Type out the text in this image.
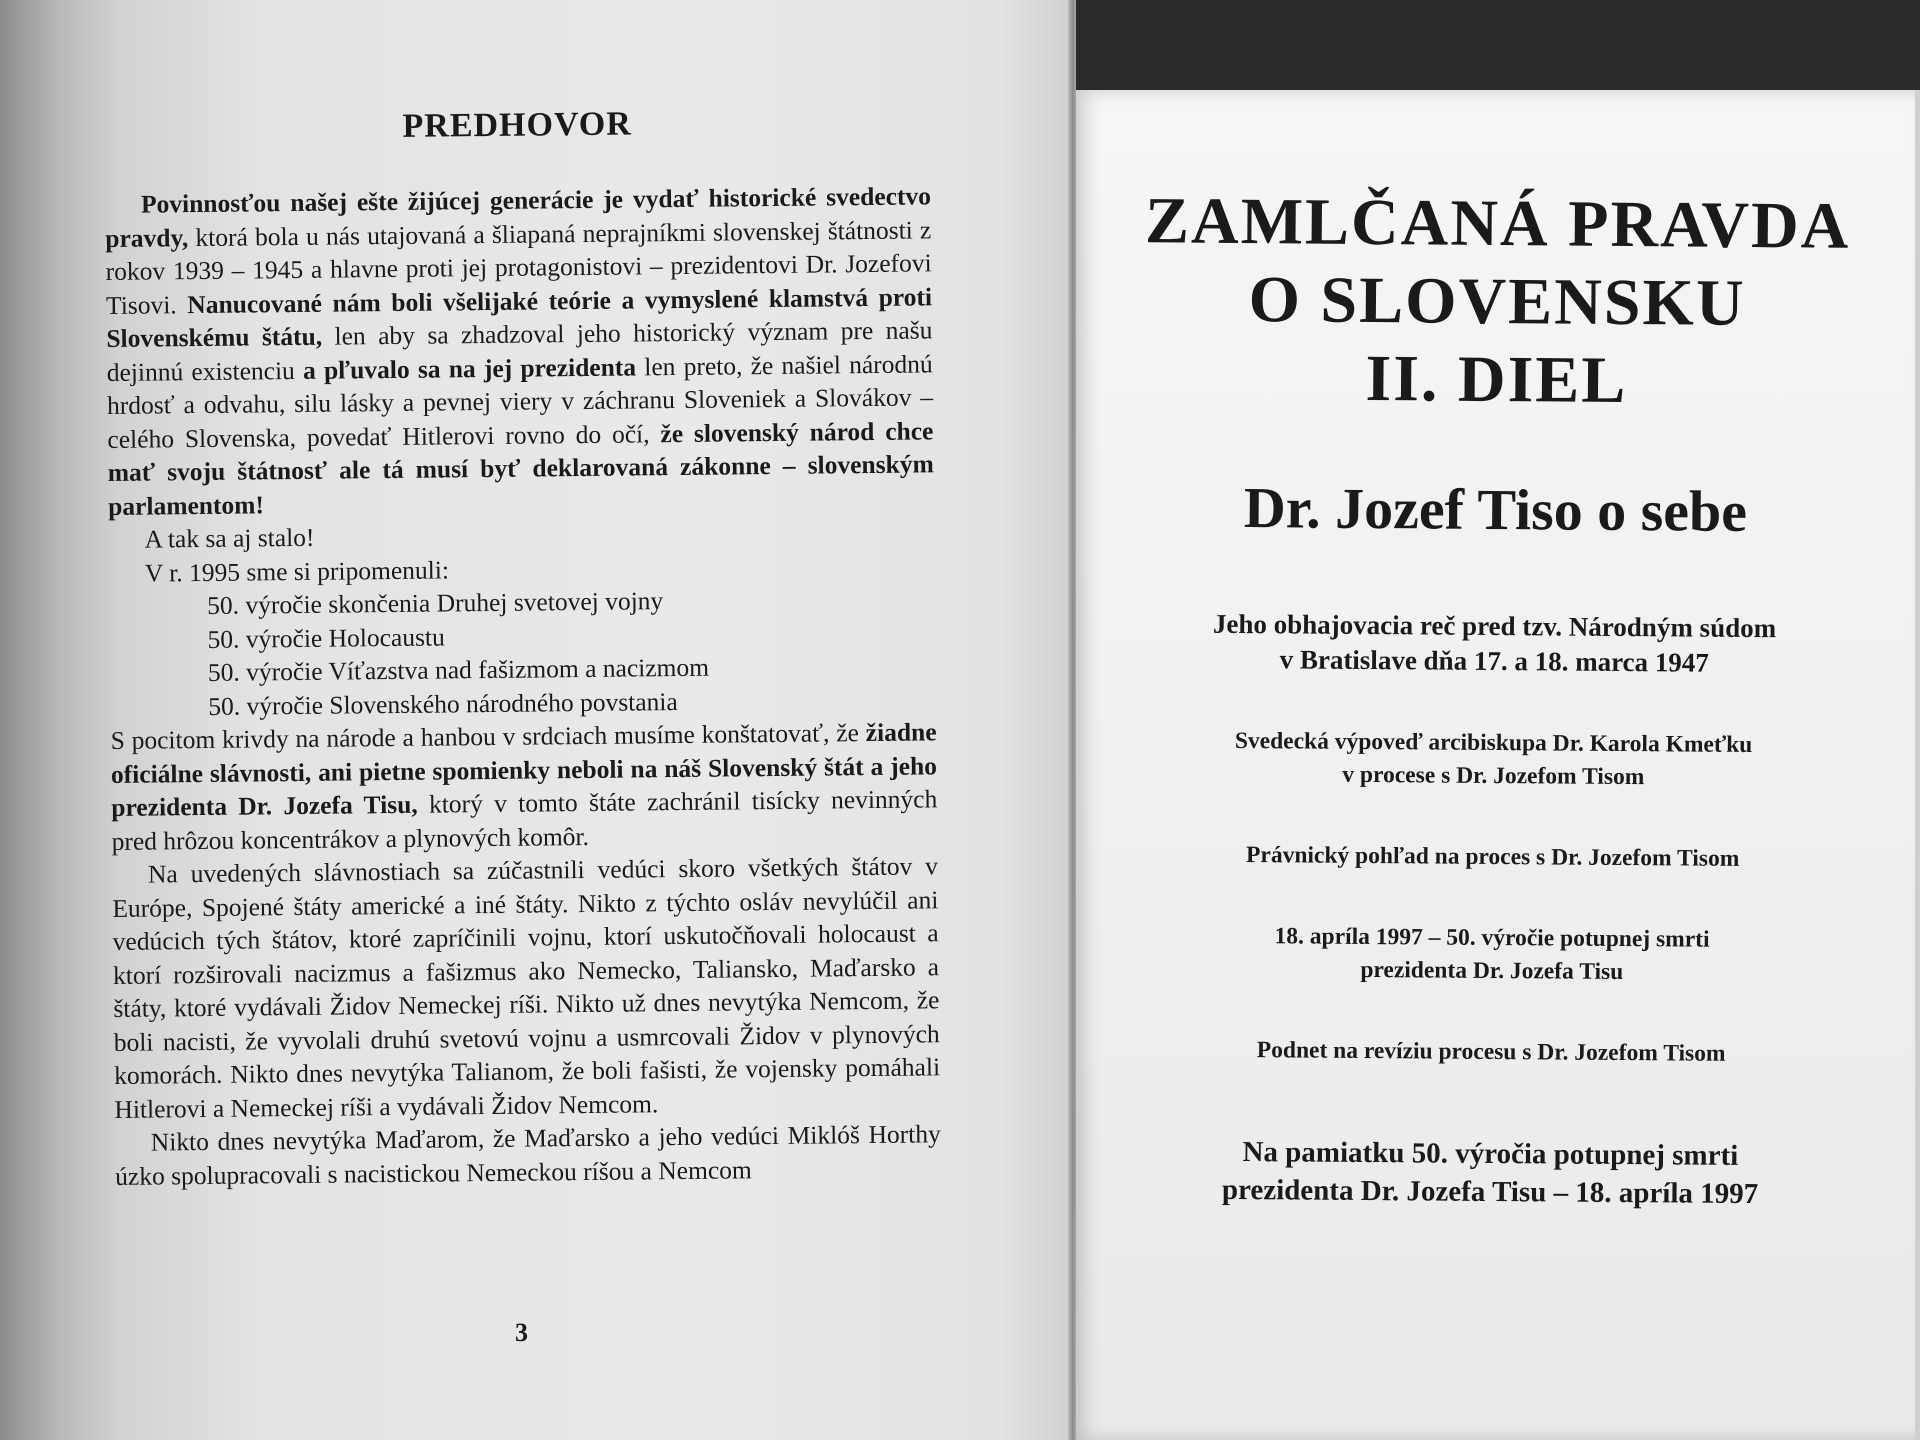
PREDHOVOR

Povinnosťou našej ešte žijúcej generácie je vydať historické svedectvo pravdy, ktorá bola u nás utajovaná a šliapaná neprajníkmi slovenskej štátnosti z rokov 1939 – 1945 a hlavne proti jej protagonistovi – prezidentovi Dr. Jozefovi Tisovi. Nanucované nám boli všelijaké teórie a vymyslené klamstvá proti Slovenskému štátu, len aby sa zhadzoval jeho historický význam pre našu dejinnú existenciu a pľuvalo sa na jej prezidenta len preto, že našiel národnú hrdosť a odvahu, silu lásky a pevnej viery v záchranu Sloveniek a Slovákov – celého Slovenska, povedať Hitlerovi rovno do očí, že slovenský národ chce mať svoju štátnosť ale tá musí byť deklarovaná zákonne – slovenským parlamentom!

A tak sa aj stalo!

V r. 1995 sme si pripomenuli:

50. výročie skončenia Druhej svetovej vojny
50. výročie Holocaustu
50. výročie Víťazstva nad fašizmom a nacizmom
50. výročie Slovenského národného povstania

S pocitom krivdy na národe a hanbou v srdciach musíme konštatovať, že žiadne oficiálne slávnosti, ani pietne spomienky neboli na náš Slovenský štát a jeho prezidenta Dr. Jozefa Tisu, ktorý v tomto štáte zachránil tisícky nevinných pred hrôzou koncentrákov a plynových komôr.

Na uvedených slávnostiach sa zúčastnili vedúci skoro všetkých štátov v Európe, Spojené štáty americké a iné štáty. Nikto z týchto osláv nevylúčil ani vedúcich tých štátov, ktoré zapríčinili vojnu, ktorí uskutočňovali holocaust a ktorí rozširovali nacizmus a fašizmus ako Nemecko, Taliansko, Maďarsko a štáty, ktoré vydávali Židov Nemeckej ríši. Nikto už dnes nevytýka Nemcom, že boli nacisti, že vyvolali druhú svetovú vojnu a usmrcovali Židov v plynových komorách. Nikto dnes nevytýka Talianom, že boli fašisti, že vojensky pomáhali Hitlerovi a Nemeckej ríši a vydávali Židov Nemcom.

Nikto dnes nevytýka Maďarom, že Maďarsko a jeho vedúci Miklóš Horthy úzko spolupracovali s nacistickou Nemeckou ríšou a Nemcom

3

ZAMLČANÁ PRAVDA

O SLOVENSKU

II. DIEL

Dr. Jozef Tiso o sebe

Jeho obhajovacia reč pred tzv. Národným súdom

v Bratislave dňa 17. a 18. marca 1947

Svedecká výpoveď arcibiskupa Dr. Karola Kmeťku

v procese s Dr. Jozefom Tisom

Právnický pohľad na proces s Dr. Jozefom Tisom

18. apríla 1997 – 50. výročie potupnej smrti

prezidenta Dr. Jozefa Tisu

Podnet na revíziu procesu s Dr. Jozefom Tisom

Na pamiatku 50. výročia potupnej smrti

prezidenta Dr. Jozefa Tisu – 18. apríla 1997
